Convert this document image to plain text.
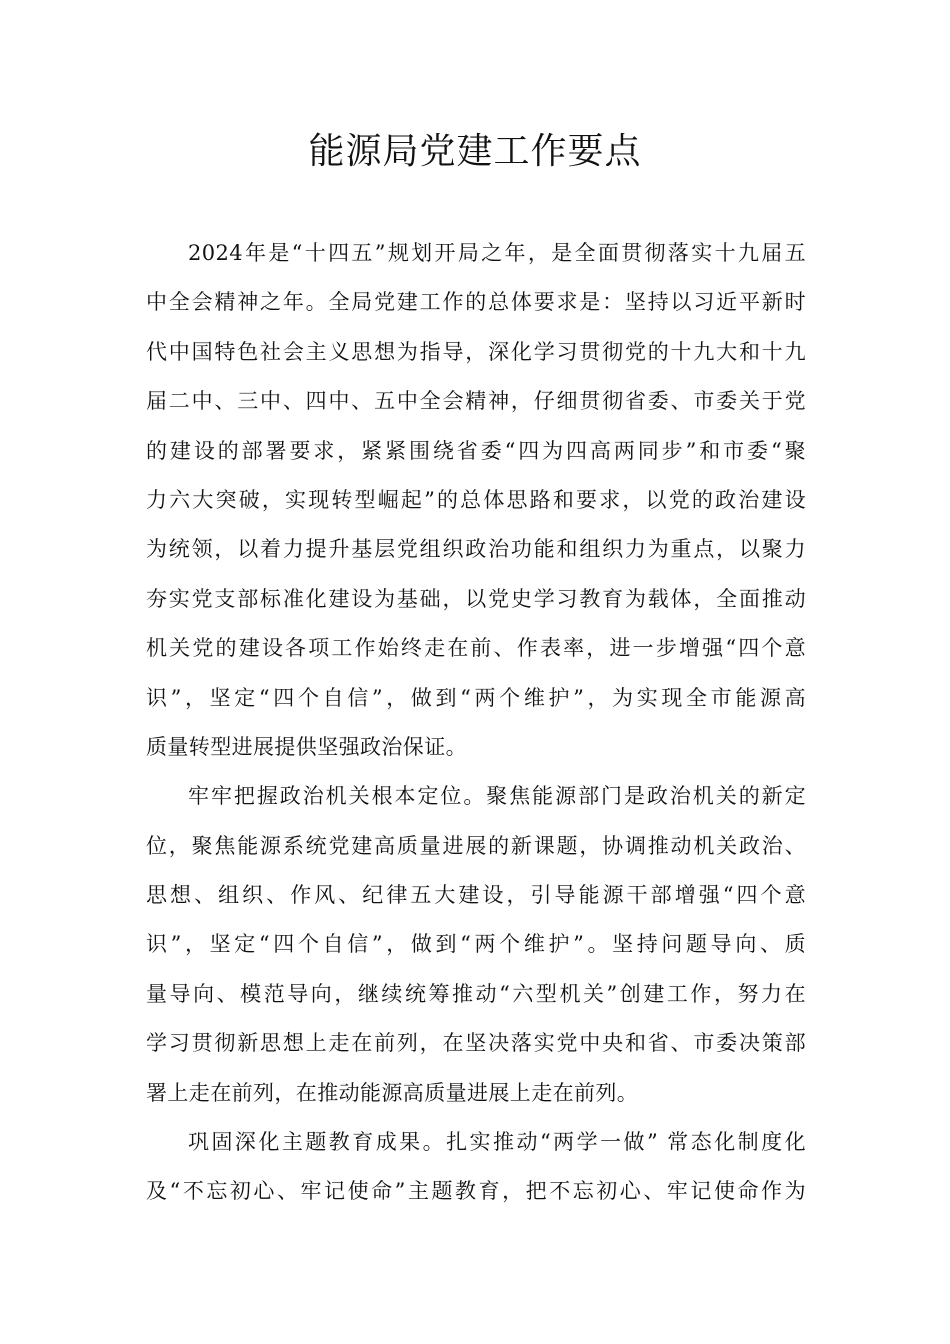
能源局党建工作要点
2024年是“十四五”规划开局之年，是全面贯彻落实十九届五
中全会精神之年。全局党建工作的总体要求是：坚持以习近平新时
代中国特色社会主义思想为指导，深化学习贯彻党的十九大和十九
届二中、三中、四中、五中全会精神，仔细贯彻省委、市委关于党
的建设的部署要求，紧紧围绕省委“四为四高两同步”和市委“聚
力六大突破，实现转型崛起”的总体思路和要求，以党的政治建设
为统领，以着力提升基层党组织政治功能和组织力为重点，以聚力
夯实党支部标准化建设为基础，以党史学习教育为载体，全面推动
机关党的建设各项工作始终走在前、作表率，进一步增强“四个意
识”，坚定“四个自信”，做到“两个维护”，为实现全市能源高
质量转型进展提供坚强政治保证。
牢牢把握政治机关根本定位。聚焦能源部门是政治机关的新定
位，聚焦能源系统党建高质量进展的新课题，协调推动机关政治、
思想、组织、作风、纪律五大建设，引导能源干部增强“四个意
识”，坚定“四个自信”，做到“两个维护”。坚持问题导向、质
量导向、模范导向，继续统筹推动“六型机关”创建工作，努力在
学习贯彻新思想上走在前列，在坚决落实党中央和省、市委决策部
署上走在前列，在推动能源高质量进展上走在前列。
巩固深化主题教育成果。扎实推动“两学一做” 常态化制度化
及“不忘初心、牢记使命”主题教育，把不忘初心、牢记使命作为
